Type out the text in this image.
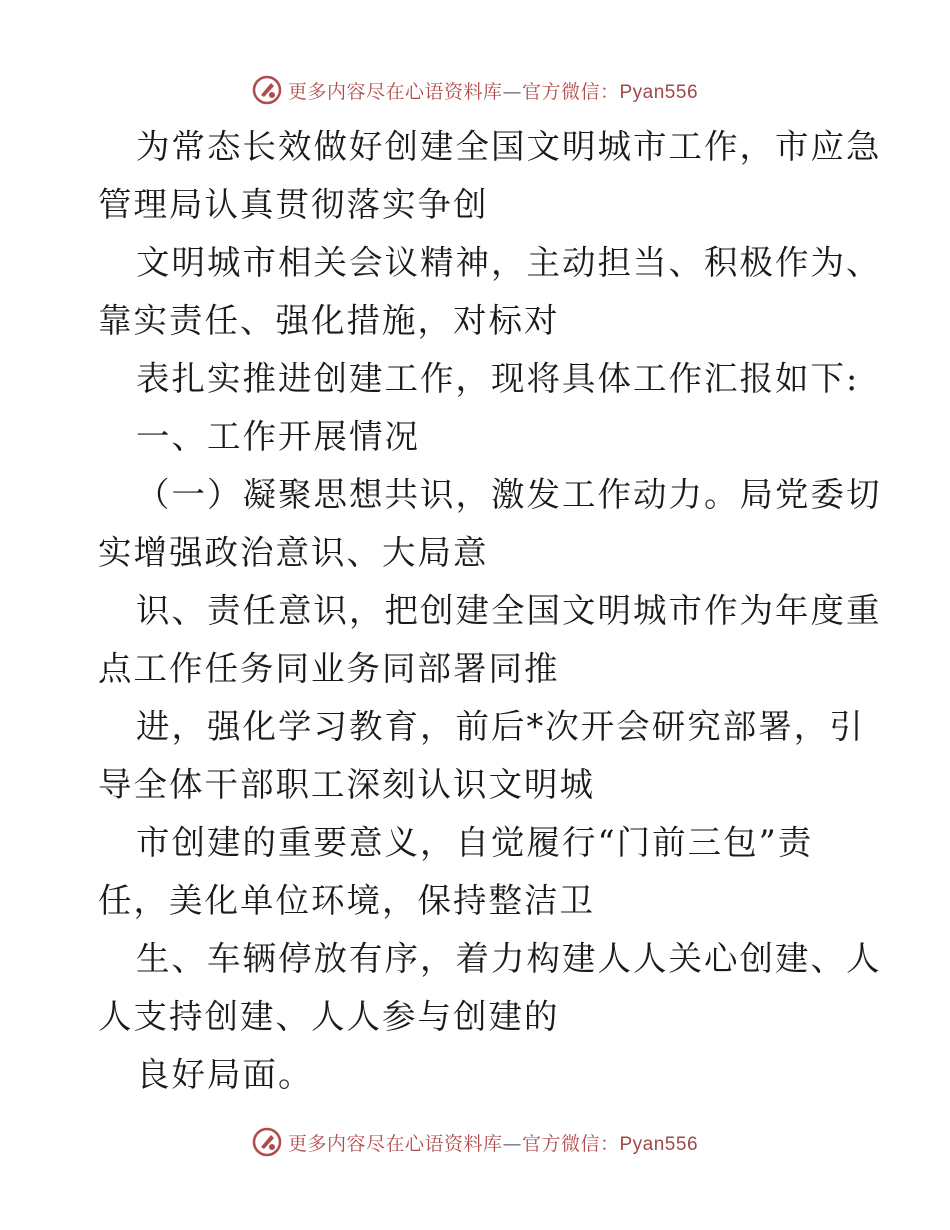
更多内容尽在心语资料库—官方微信：Pyan556
为常态长效做好创建全国文明城市工作，市应急
管理局认真贯彻落实争创
文明城市相关会议精神，主动担当、积极作为、
靠实责任、强化措施，对标对
表扎实推进创建工作，现将具体工作汇报如下:
一、工作开展情况
（一）凝聚思想共识，激发工作动力。局党委切
实增强政治意识、大局意
识、责任意识，把创建全国文明城市作为年度重
点工作任务同业务同部署同推
进，强化学习教育，前后*次开会研究部署，引
导全体干部职工深刻认识文明城
市创建的重要意义，自觉履行“门前三包”责
任，美化单位环境，保持整洁卫
生、车辆停放有序，着力构建人人关心创建、人
人支持创建、人人参与创建的
良好局面。
更多内容尽在心语资料库—官方微信：Pyan556
